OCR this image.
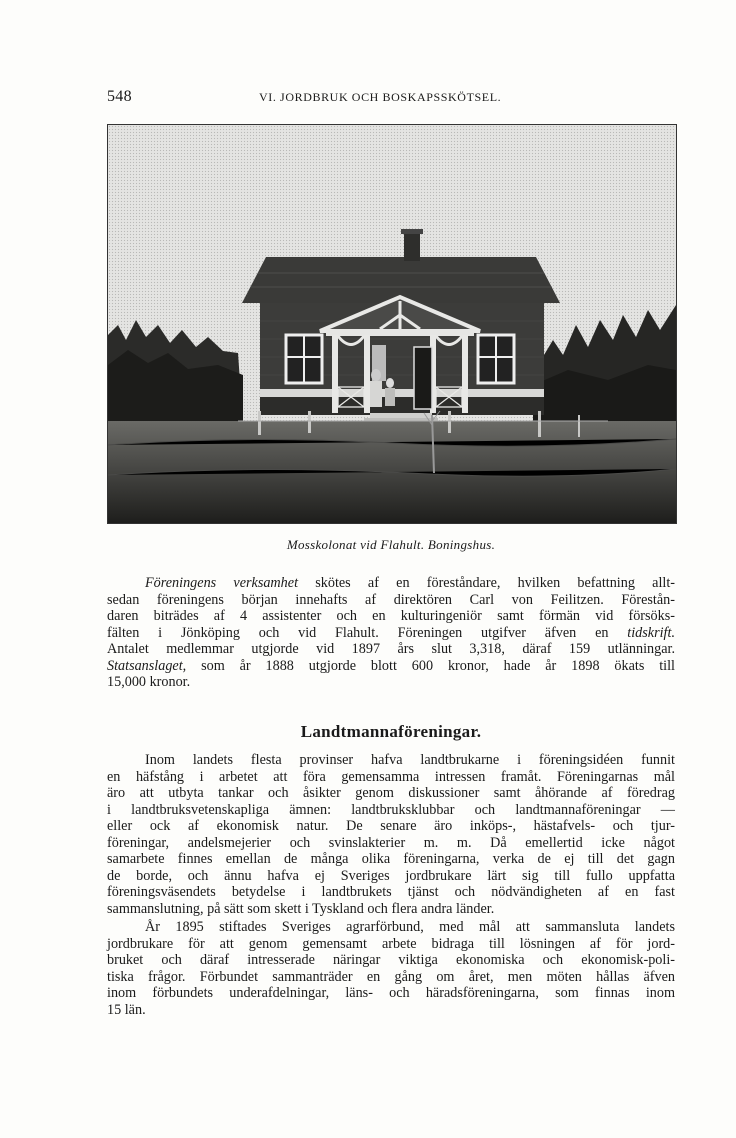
548	VI. JORDBRUK OCH BOSKAPSSKÖTSEL.
Mosskolonat vid Flahult. Boningshus.
Föreningens verksamhet skötes af en föreståndare, hvilken befattning allt-
sedan föreningens början innehafts af direktören Carl von Feilitzen. Förestån-
daren biträdes af 4 assistenter och en kulturingeniör samt förmän vid försöks-
fälten i Jönköping och vid Flahult. Föreningen utgifver äfven en tidskrift.
Antalet medlemmar utgjorde vid 1897 års slut 3,318, däraf 159 utlänningar.
Statsanslaget, som år 1888 utgjorde blott 600 kronor, hade år 1898 ökats till
15,000 kronor.
Landtmannaföreningar.
Inom landets flesta provinser hafva landtbrukarne i föreningsidéen funnit
en häfstång i arbetet att föra gemensamma intressen framåt. Föreningarnas mål
äro att utbyta tankar och åsikter genom diskussioner samt åhörande af föredrag
i landtbruksvetenskapliga ämnen: landtbruksklubbar och landtmannaföreningar —
eller ock af ekonomisk natur. De senare äro inköps-, hästafvels- och tjur-
föreningar, andelsmejerier och svinslakterier m. m. Då emellertid icke något
samarbete finnes emellan de många olika föreningarna, verka de ej till det gagn
de borde, och ännu hafva ej Sveriges jordbrukare lärt sig till fullo uppfatta
föreningsväsendets betydelse i landtbrukets tjänst och nödvändigheten af en fast
sammanslutning, på sätt som skett i Tyskland och flera andra länder.
År 1895 stiftades Sveriges agrarförbund, med mål att sammansluta landets
jordbrukare för att genom gemensamt arbete bidraga till lösningen af för jord-
bruket och däraf intresserade näringar viktiga ekonomiska och ekonomisk-poli-
tiska frågor. Förbundet sammanträder en gång om året, men möten hållas äfven
inom förbundets underafdelningar, läns- och häradsföreningarna, som finnas inom
15 län.
